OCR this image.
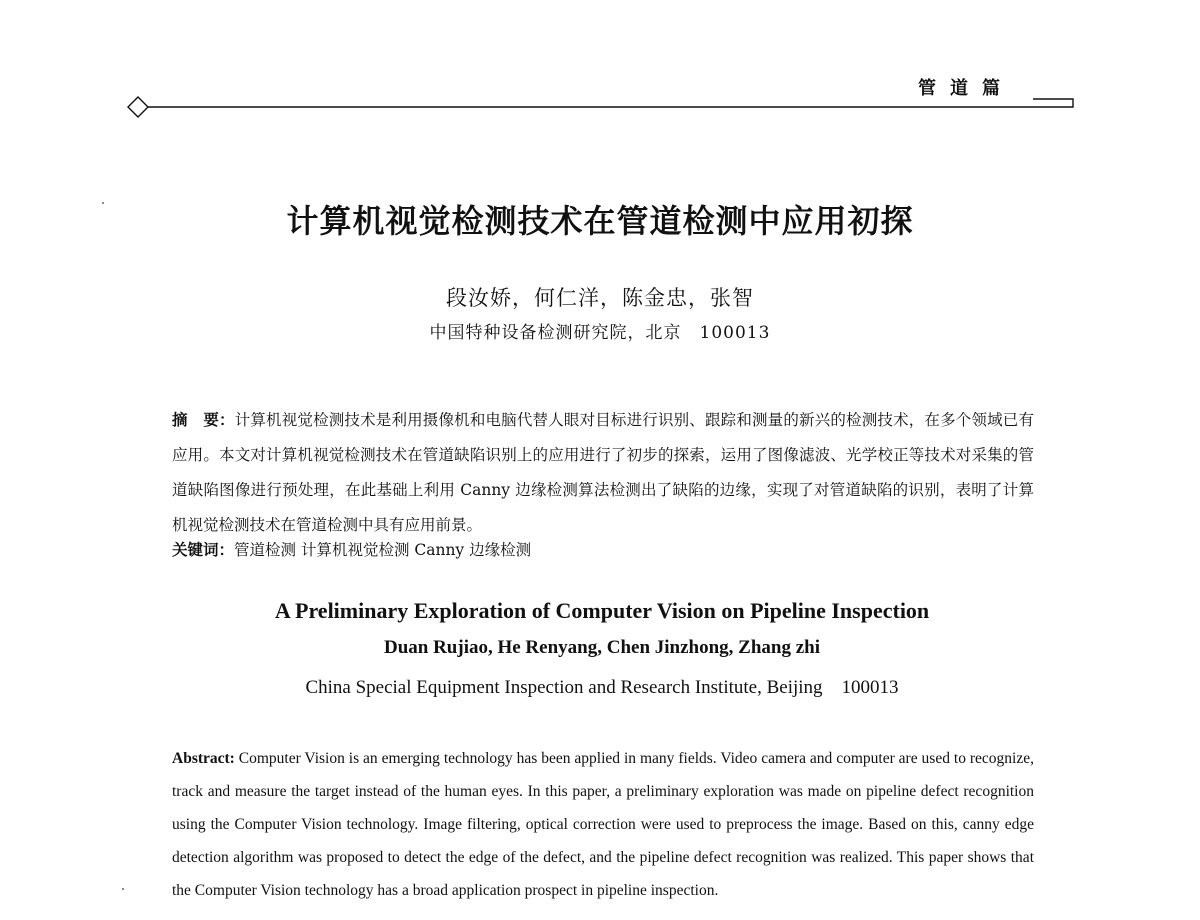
管道篇
计算机视觉检测技术在管道检测中应用初探
段汝娇，何仁洋，陈金忠，张智
中国特种设备检测研究院，北京　100013
摘　要：计算机视觉检测技术是利用摄像机和电脑代替人眼对目标进行识别、跟踪和测量的新兴的检测技术，在多个领域已有应用。本文对计算机视觉检测技术在管道缺陷识别上的应用进行了初步的探索，运用了图像滤波、光学校正等技术对采集的管道缺陷图像进行预处理，在此基础上利用 Canny 边缘检测算法检测出了缺陷的边缘，实现了对管道缺陷的识别，表明了计算机视觉检测技术在管道检测中具有应用前景。
关键词：管道检测 计算机视觉检测 Canny 边缘检测
A Preliminary Exploration of Computer Vision on Pipeline Inspection
Duan Rujiao, He Renyang, Chen Jinzhong, Zhang zhi
China Special Equipment Inspection and Research Institute, Beijing　100013
Abstract: Computer Vision is an emerging technology has been applied in many fields. Video camera and computer are used to recognize, track and measure the target instead of the human eyes. In this paper, a preliminary exploration was made on pipeline defect recognition using the Computer Vision technology. Image filtering, optical correction were used to preprocess the image. Based on this, canny edge detection algorithm was proposed to detect the edge of the defect, and the pipeline defect recognition was realized. This paper shows that the Computer Vision technology has a broad application prospect in pipeline inspection.
